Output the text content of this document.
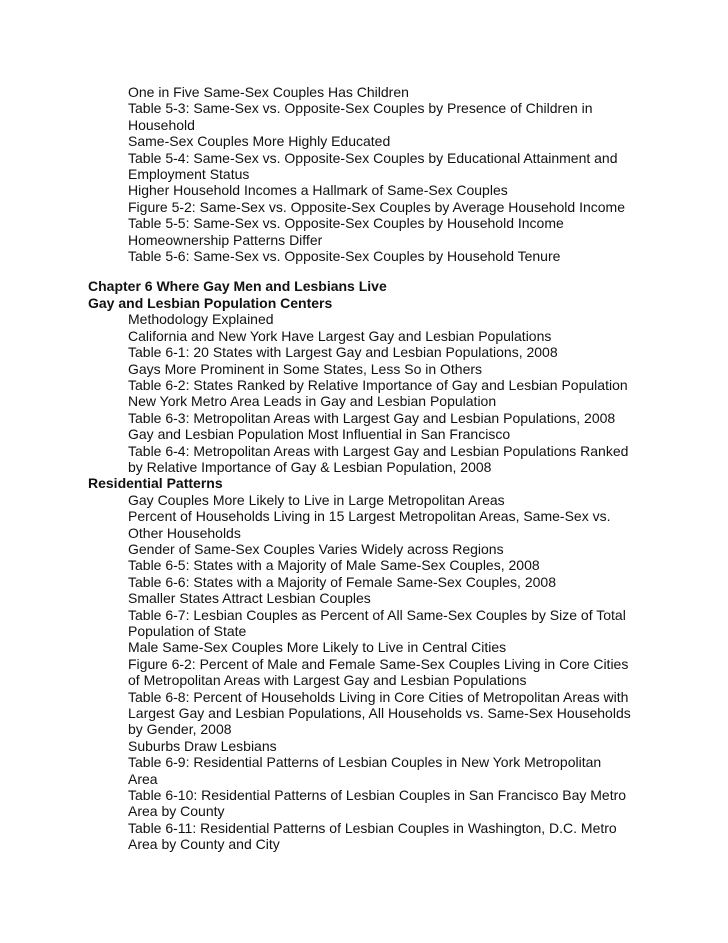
One in Five Same-Sex Couples Has Children
Table 5-3: Same-Sex vs. Opposite-Sex Couples by Presence of Children in
Household
Same-Sex Couples More Highly Educated
Table 5-4: Same-Sex vs. Opposite-Sex Couples by Educational Attainment and
Employment Status
Higher Household Incomes a Hallmark of Same-Sex Couples
Figure 5-2: Same-Sex vs. Opposite-Sex Couples by Average Household Income
Table 5-5: Same-Sex vs. Opposite-Sex Couples by Household Income
Homeownership Patterns Differ
Table 5-6: Same-Sex vs. Opposite-Sex Couples by Household Tenure
Chapter 6 Where Gay Men and Lesbians Live
Gay and Lesbian Population Centers
Methodology Explained
California and New York Have Largest Gay and Lesbian Populations
Table 6-1: 20 States with Largest Gay and Lesbian Populations, 2008
Gays More Prominent in Some States, Less So in Others
Table 6-2: States Ranked by Relative Importance of Gay and Lesbian Population
New York Metro Area Leads in Gay and Lesbian Population
Table 6-3: Metropolitan Areas with Largest Gay and Lesbian Populations, 2008
Gay and Lesbian Population Most Influential in San Francisco
Table 6-4: Metropolitan Areas with Largest Gay and Lesbian Populations Ranked
by Relative Importance of Gay & Lesbian Population, 2008
Residential Patterns
Gay Couples More Likely to Live in Large Metropolitan Areas
Percent of Households Living in 15 Largest Metropolitan Areas, Same-Sex vs.
Other Households
Gender of Same-Sex Couples Varies Widely across Regions
Table 6-5: States with a Majority of Male Same-Sex Couples, 2008
Table 6-6: States with a Majority of Female Same-Sex Couples, 2008
Smaller States Attract Lesbian Couples
Table 6-7: Lesbian Couples as Percent of All Same-Sex Couples by Size of Total
Population of State
Male Same-Sex Couples More Likely to Live in Central Cities
Figure 6-2: Percent of Male and Female Same-Sex Couples Living in Core Cities
of Metropolitan Areas with Largest Gay and Lesbian Populations
Table 6-8: Percent of Households Living in Core Cities of Metropolitan Areas with
Largest Gay and Lesbian Populations, All Households vs. Same-Sex Households
by Gender, 2008
Suburbs Draw Lesbians
Table 6-9: Residential Patterns of Lesbian Couples in New York Metropolitan
Area
Table 6-10: Residential Patterns of Lesbian Couples in San Francisco Bay Metro
Area by County
Table 6-11: Residential Patterns of Lesbian Couples in Washington, D.C. Metro
Area by County and City
